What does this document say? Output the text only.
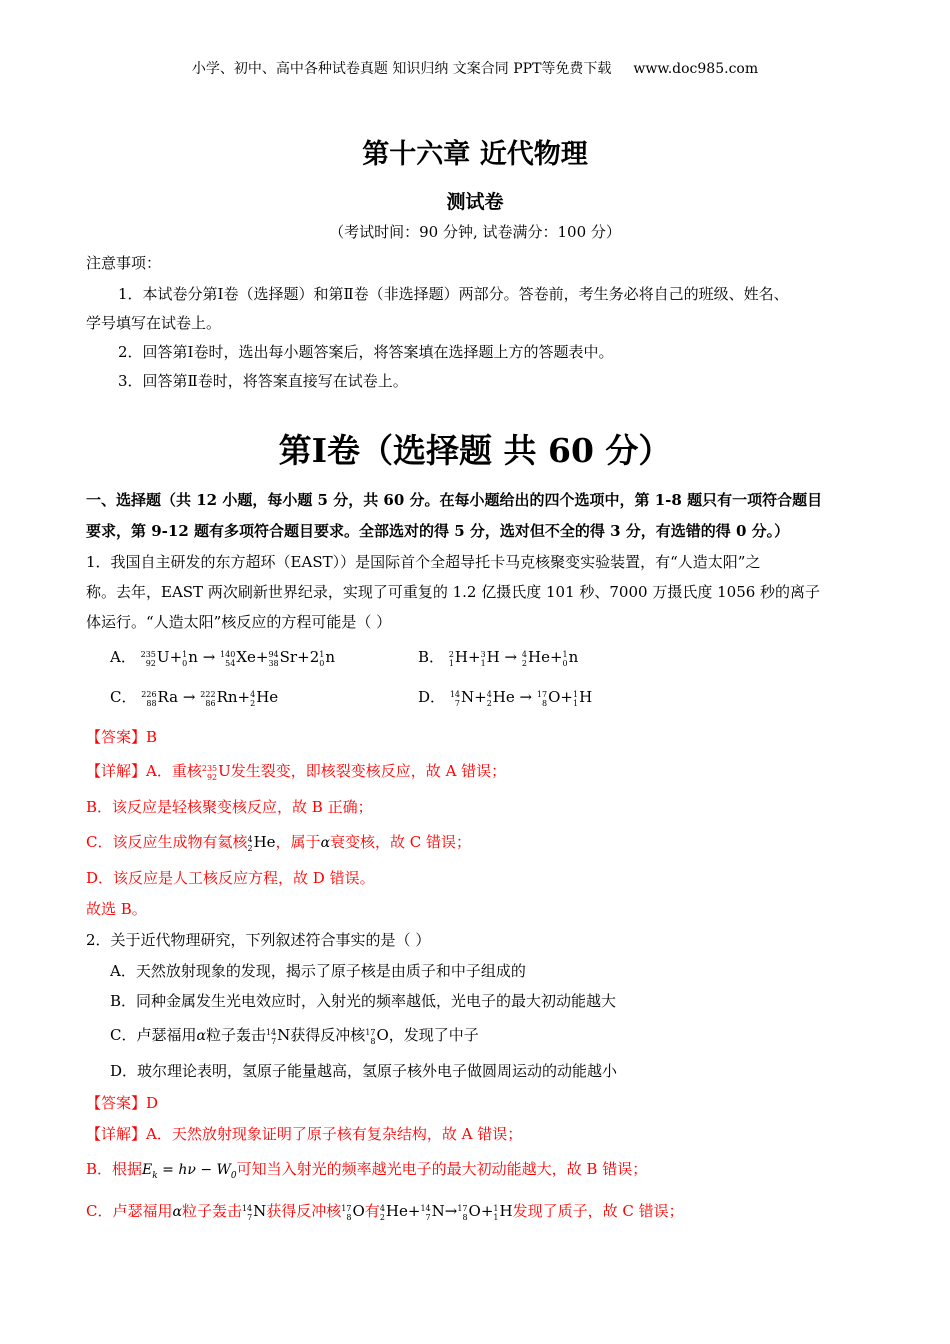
小学、初中、高中各种试卷真题 知识归纳 文案合同 PPT等免费下载 www.doc985.com
第十六章 近代物理
测试卷
（考试时间：90 分钟, 试卷满分：100 分）
注意事项：
1．本试卷分第Ⅰ卷（选择题）和第Ⅱ卷（非选择题）两部分。答卷前，考生务必将自己的班级、姓名、
学号填写在试卷上。
2．回答第Ⅰ卷时，选出每小题答案后，将答案填在选择题上方的答题表中。
3．回答第Ⅱ卷时，将答案直接写在试卷上。
第Ⅰ卷（选择题 共 60 分）
一、选择题（共 12 小题，每小题 5 分，共 60 分。在每小题给出的四个选项中，第 1-8 题只有一项符合题目
要求，第 9-12 题有多项符合题目要求。全部选对的得 5 分，选对但不全的得 3 分，有选错的得 0 分。）
1．我国自主研发的东方超环（EAST））是国际首个全超导托卡马克核聚变实验装置，有“人造太阳”之
称。去年，EAST 两次刷新世界纪录，实现了可重复的 1.2 亿摄氏度 101 秒、7000 万摄氏度 1056 秒的离子
体运行。“人造太阳”核反应的方程可能是（ ）
A． 235
92 U+ 1
0 n → 140
54 Xe+ 94
38 Sr+2 1
0 n	B． 2
1 H+ 3
1 H → 4
2 He+ 1
0 n
C． 226
88 Ra → 222
86 Rn+ 4
2 He	D． 14
7 N+ 4
2 He → 17
8 O+ 1
1 H
【答案】B
【详解】A．重核 235
92 U发生裂变，即核裂变核反应，故 A 错误；
B．该反应是轻核聚变核反应，故 B 正确；
C．该反应生成物有氦核 4
2 He，属于α衰变核，故 C 错误；
D．该反应是人工核反应方程，故 D 错误。
故选 B。
2．关于近代物理研究，下列叙述符合事实的是（ ）
A．天然放射现象的发现，揭示了原子核是由质子和中子组成的
B．同种金属发生光电效应时，入射光的频率越低，光电子的最大初动能越大
C．卢瑟福用α粒子轰击 14
7 N获得反冲核 17
8 O，发现了中子
D．玻尔理论表明，氢原子能量越高，氢原子核外电子做圆周运动的动能越小
【答案】D
【详解】A．天然放射现象证明了原子核有复杂结构，故 A 错误；
B．根据$E_k = h\nu - W_0$可知当入射光的频率越光电子的最大初动能越大，故 B 错误；
C．卢瑟福用α粒子轰击 14
7 N获得反冲核 17
8 O有 4
2 He+ 14
7 N→ 17
8 O+ 1
1 H发现了质子，故 C 错误；
